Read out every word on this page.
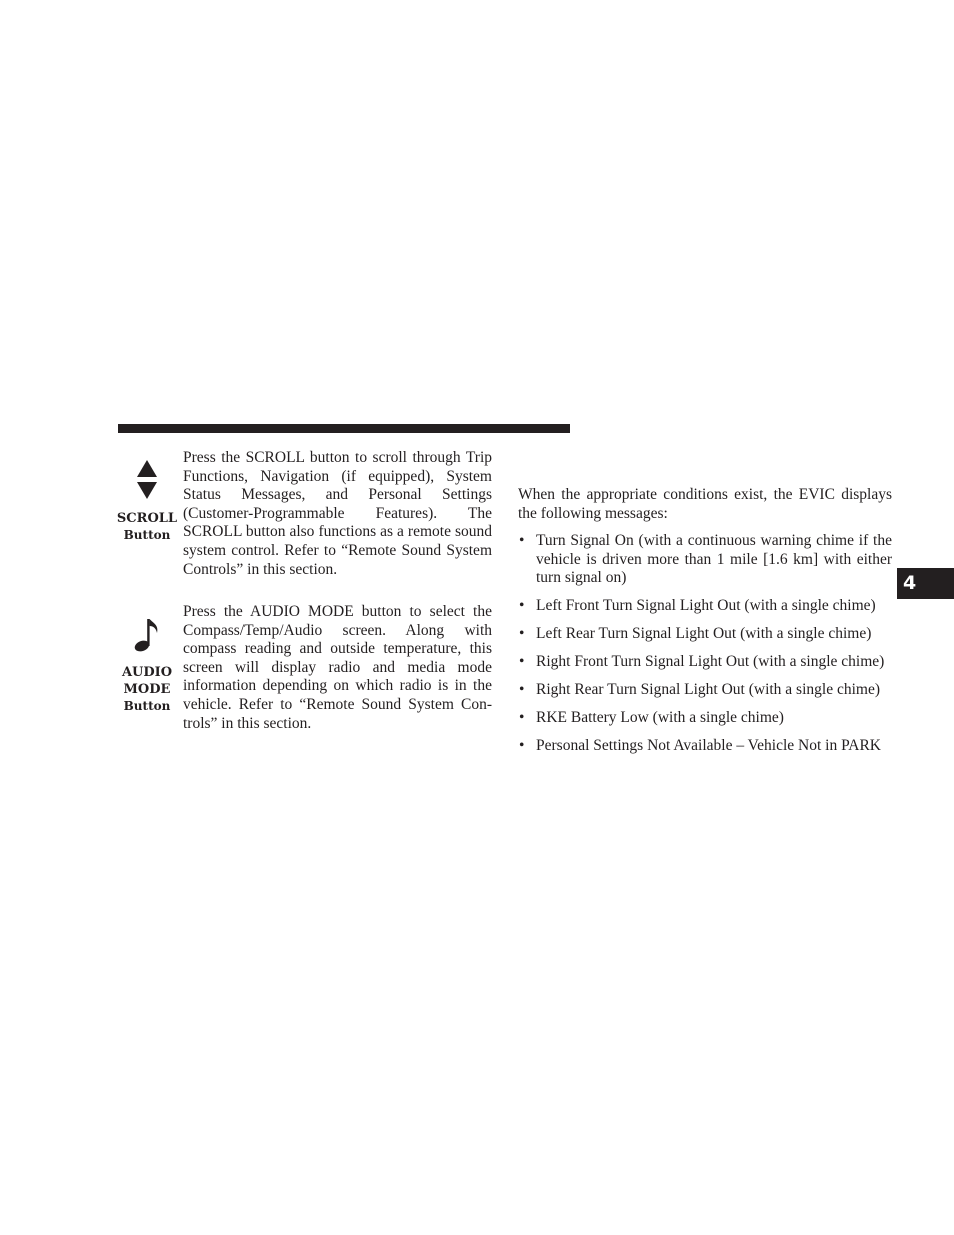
SCROLL
Button

Press the SCROLL button to scroll through Trip Functions, Navigation (if equipped), System Status Messages, and Personal Settings (Customer-Programmable Features). The SCROLL button also functions as a remote sound system control. Refer to “Remote Sound System Controls” in this section.

AUDIO
MODE
Button

Press the AUDIO MODE button to select the Compass/Temp/Audio screen. Along with compass reading and outside temperature, this screen will display radio and media mode information depending on which radio is in the vehicle. Refer to “Remote Sound System Con-trols” in this section.

When the appropriate conditions exist, the EVIC displays the following messages:

• Turn Signal On (with a continuous warning chime if the vehicle is driven more than 1 mile [1.6 km] with either turn signal on)
• Left Front Turn Signal Light Out (with a single chime)
• Left Rear Turn Signal Light Out (with a single chime)
• Right Front Turn Signal Light Out (with a single chime)
• Right Rear Turn Signal Light Out (with a single chime)
• RKE Battery Low (with a single chime)
• Personal Settings Not Available – Vehicle Not in PARK
4
